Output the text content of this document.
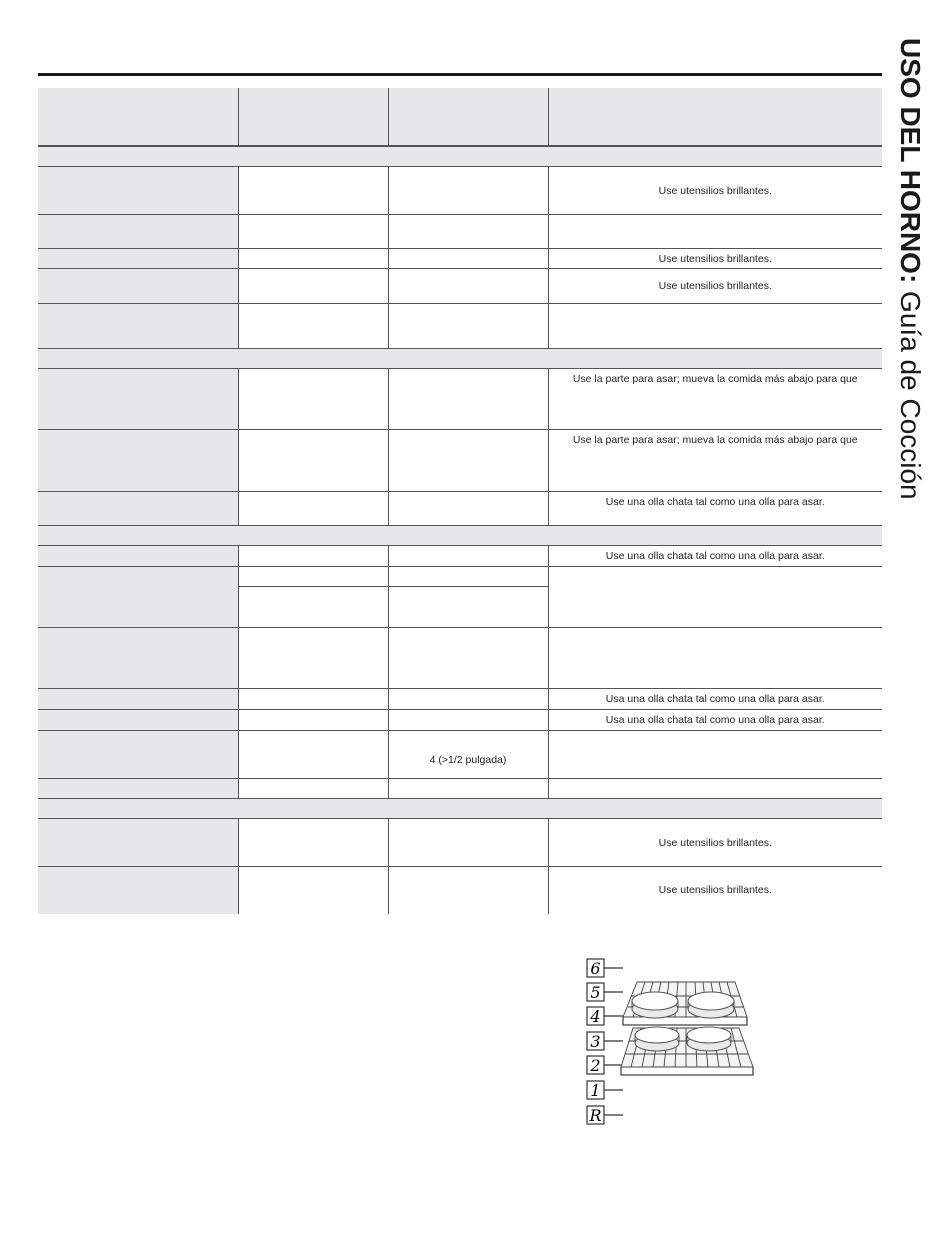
USO DEL HORNO: Guía de Cocción

			Use utensilios brillantes.

			Use utensilios brillantes.
			Use utensilios brillantes.

			Use la parte para asar; mueva la comida más abajo para que
			Use la parte para asar; mueva la comida más abajo para que
			Use una olla chata tal como una olla para asar.

			Use una olla chata tal como una olla para asar.

			Usa una olla chata tal como una olla para asar.
			Usa una olla chata tal como una olla para asar.
		4 (>1/2 pulgada)	

			Use utensilios brillantes.
			Use utensilios brillantes.
6
5
4
3
2
1
R
